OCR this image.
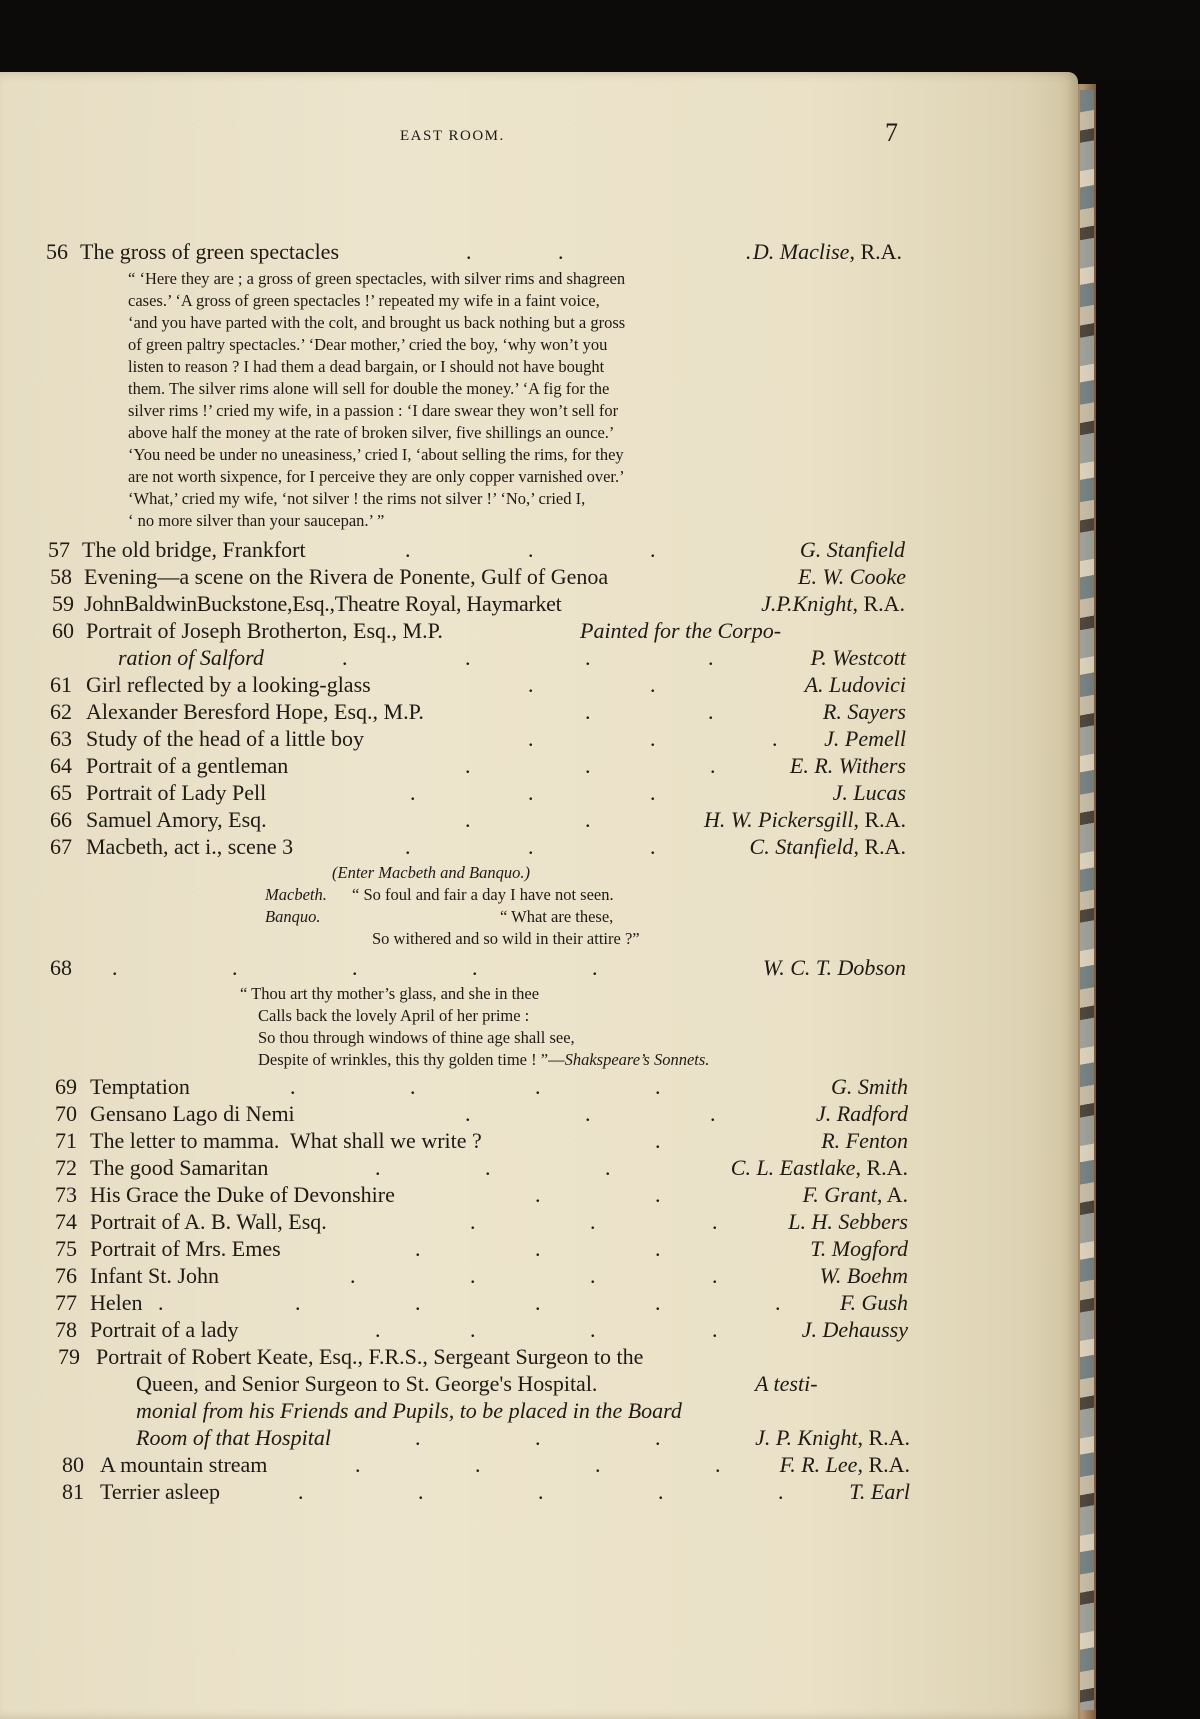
EAST ROOM.	7
56 The gross of green spectacles	.	.	. D. Maclise, R.A.
“ ‘Here they are ; a gross of green spectacles, with silver rims and shagreen
cases.’ ‘A gross of green spectacles !’ repeated my wife in a faint voice,
‘and you have parted with the colt, and brought us back nothing but a gross
of green paltry spectacles.’ ‘Dear mother,’ cried the boy, ‘why won’t you
listen to reason ? I had them a dead bargain, or I should not have bought
them. The silver rims alone will sell for double the money.’ ‘A fig for the
silver rims !’ cried my wife, in a passion : ‘I dare swear they won’t sell for
above half the money at the rate of broken silver, five shillings an ounce.’
‘You need be under no uneasiness,’ cried I, ‘about selling the rims, for they
are not worth sixpence, for I perceive they are only copper varnished over.’
‘What,’ cried my wife, ‘not silver ! the rims not silver !’ ‘No,’ cried I,
‘ no more silver than your saucepan.’ ”
57 The old bridge, Frankfort	.	.	.	G. Stanfield
58 Evening—a scene on the Rivera de Ponente, Gulf of Genoa	E. W. Cooke
59 JohnBaldwinBuckstone,Esq.,Theatre Royal, Haymarket	J.P.Knight, R.A.
60 Portrait of Joseph Brotherton, Esq., M.P.	Painted for the Corpo-
ration of Salford	.	.	.	.	P. Westcott
61 Girl reflected by a looking-glass	.	.	A. Ludovici
62 Alexander Beresford Hope, Esq., M.P.	.	.	R. Sayers
63 Study of the head of a little boy	.	.	. J. Pemell
64 Portrait of a gentleman	.	.	.	E. R. Withers
65 Portrait of Lady Pell	.	.	.	J. Lucas
66 Samuel Amory, Esq.	.	.	H. W. Pickersgill, R.A.
67 Macbeth, act i., scene 3	.	.	.	C. Stanfield, R.A.
(Enter Macbeth and Banquo.)
Macbeth. “ So foul and fair a day I have not seen.
Banquo.	“ What are these,
So withered and so wild in their attire ?”
68 .	.	.	.	.	W. C. T. Dobson
“ Thou art thy mother’s glass, and she in thee
Calls back the lovely April of her prime :
So thou through windows of thine age shall see,
Despite of wrinkles, this thy golden time ! ”—Shakspeare’s Sonnets.
69 Temptation	.	.	.	.	G. Smith
70 Gensano Lago di Nemi	.	.	.	J. Radford
71 The letter to mamma.  What shall we write ?	.	R. Fenton
72 The good Samaritan	.	.	.	C. L. Eastlake, R.A.
73 His Grace the Duke of Devonshire	.	.	F. Grant, A.
74 Portrait of A. B. Wall, Esq.	.	.	.	L. H. Sebbers
75 Portrait of Mrs. Emes	.	.	.	T. Mogford
76 Infant St. John	.	.	.	.	W. Boehm
77 Helen .	.	.	.	.	.	F. Gush
78 Portrait of a lady	.	.	.	.	J. Dehaussy
79 Portrait of Robert Keate, Esq., F.R.S., Sergeant Surgeon to the
Queen, and Senior Surgeon to St. George's Hospital.	A testi-
monial from his Friends and Pupils, to be placed in the Board
Room of that Hospital	.	.	.	J. P. Knight, R.A.
80 A mountain stream	.	.	.	.	F. R. Lee, R.A.
81 Terrier asleep	.	.	.	.	.	T. Earl
